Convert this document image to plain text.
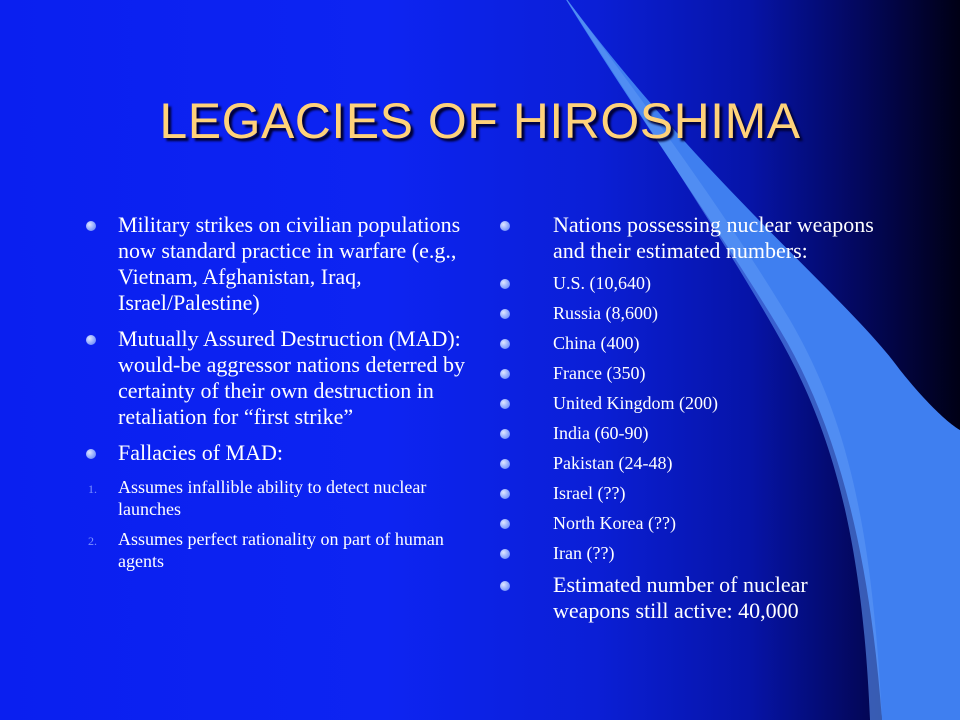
LEGACIES OF HIROSHIMA
Military strikes on civilian populations now standard practice in warfare (e.g., Vietnam, Afghanistan, Iraq, Israel/Palestine)
Mutually Assured Destruction (MAD): would-be aggressor nations deterred by certainty of their own destruction in retaliation for “first strike”
Fallacies of MAD:
1.	Assumes infallible ability to detect nuclear launches
2.	Assumes perfect rationality on part of human agents
Nations possessing nuclear weapons and their estimated numbers:
U.S. (10,640)
Russia (8,600)
China (400)
France (350)
United Kingdom (200)
India (60-90)
Pakistan (24-48)
Israel (??)
North Korea (??)
Iran (??)
Estimated number of nuclear weapons still active: 40,000
